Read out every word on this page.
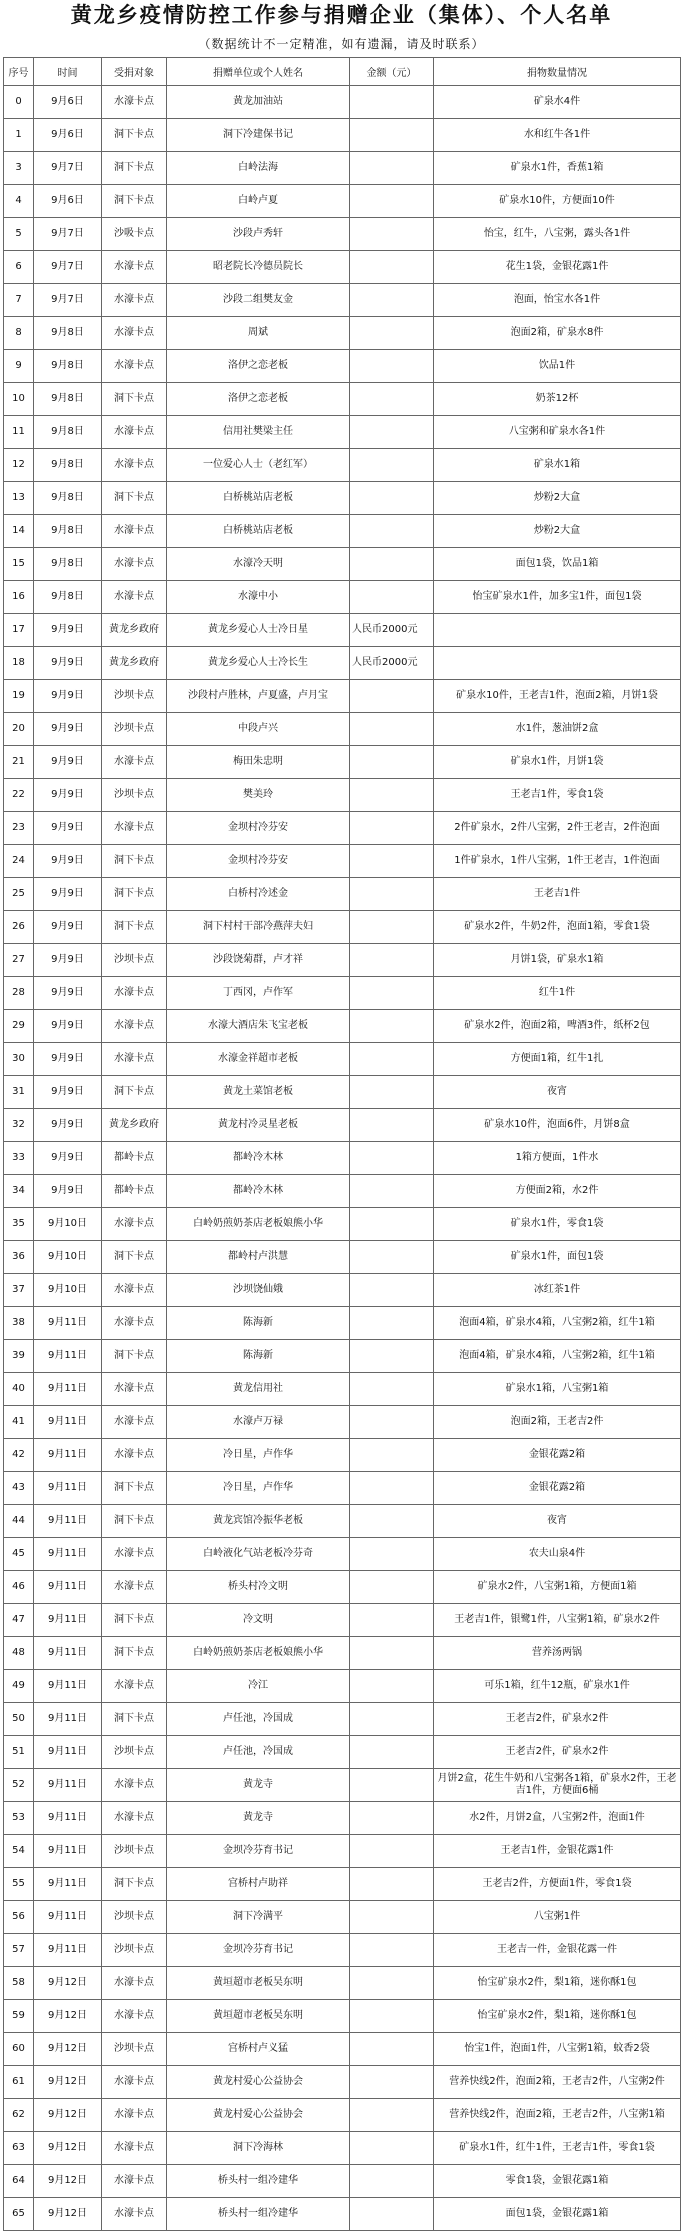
黄龙乡疫情防控工作参与捐赠企业（集体）、个人名单
（数据统计不一定精准，如有遗漏，请及时联系）
序号	时间	受捐对象	捐赠单位或个人姓名	金额（元）	捐物数量情况
0	9月6日	水濠卡点	黄龙加油站		矿泉水4件
1	9月6日	洞下卡点	洞下冷建保书记		水和红牛各1件
3	9月7日	洞下卡点	白岭法海		矿泉水1件，香蕉1箱
4	9月6日	洞下卡点	白岭卢夏		矿泉水10件，方便面10件
5	9月7日	沙吸卡点	沙段卢秀轩		怡宝，红牛，八宝粥，露头各1件
6	9月7日	水濠卡点	昭老院长冷德员院长		花生1袋，金银花露1件
7	9月7日	水濠卡点	沙段二组樊友金		泡面，怡宝水各1件
8	9月8日	水濠卡点	周斌		泡面2箱，矿泉水8件
9	9月8日	水濠卡点	洛伊之恋老板		饮品1件
10	9月8日	洞下卡点	洛伊之恋老板		奶茶12杯
11	9月8日	水濠卡点	信用社樊梁主任		八宝粥和矿泉水各1件
12	9月8日	水濠卡点	一位爱心人士（老红军）		矿泉水1箱
13	9月8日	洞下卡点	白桥桃站店老板		炒粉2大盒
14	9月8日	水濠卡点	白桥桃站店老板		炒粉2大盒
15	9月8日	水濠卡点	水濠冷天明		面包1袋，饮品1箱
16	9月8日	水濠卡点	水濠中小		怡宝矿泉水1件，加多宝1件，面包1袋
17	9月9日	黄龙乡政府	黄龙乡爱心人士冷日星	人民币2000元	
18	9月9日	黄龙乡政府	黄龙乡爱心人士冷长生	人民币2000元	
19	9月9日	沙坝卡点	沙段村卢胜林，卢夏盛，卢月宝		矿泉水10件，王老吉1件，泡面2箱，月饼1袋
20	9月9日	沙坝卡点	中段卢兴		水1件，葱油饼2盒
21	9月9日	水濠卡点	梅田朱忠明		矿泉水1件，月饼1袋
22	9月9日	沙坝卡点	樊美玲		王老吉1件，零食1袋
23	9月9日	水濠卡点	金坝村冷芬安		2件矿泉水，2件八宝粥，2件王老吉，2件泡面
24	9月9日	洞下卡点	金坝村冷芬安		1件矿泉水，1件八宝粥，1件王老吉，1件泡面
25	9月9日	洞下卡点	白桥村冷述金		王老吉1件
26	9月9日	洞下卡点	洞下村村干部冷燕萍夫妇		矿泉水2件，牛奶2件，泡面1箱，零食1袋
27	9月9日	沙坝卡点	沙段饶菊群，卢才祥		月饼1袋，矿泉水1箱
28	9月9日	水濠卡点	丁西冈，卢作军		红牛1件
29	9月9日	水濠卡点	水濠大酒店朱飞宝老板		矿泉水2件，泡面2箱，啤酒3件，纸杯2包
30	9月9日	水濠卡点	水濠金祥超市老板		方便面1箱，红牛1扎
31	9月9日	洞下卡点	黄龙土菜馆老板		夜宵
32	9月9日	黄龙乡政府	黄龙村冷灵星老板		矿泉水10件，泡面6件，月饼8盒
33	9月9日	都岭卡点	都岭冷木林		1箱方便面，1件水
34	9月9日	都岭卡点	都岭冷木林		方便面2箱，水2件
35	9月10日	水濠卡点	白岭奶煎奶茶店老板娘熊小华		矿泉水1件，零食1袋
36	9月10日	洞下卡点	都岭村卢洪慧		矿泉水1件，面包1袋
37	9月10日	水濠卡点	沙坝饶仙娥		冰红茶1件
38	9月11日	水濠卡点	陈海新		泡面4箱，矿泉水4箱，八宝粥2箱，红牛1箱
39	9月11日	洞下卡点	陈海新		泡面4箱，矿泉水4箱，八宝粥2箱，红牛1箱
40	9月11日	水濠卡点	黄龙信用社		矿泉水1箱，八宝粥1箱
41	9月11日	水濠卡点	水濠卢万禄		泡面2箱，王老吉2件
42	9月11日	水濠卡点	冷日星，卢作华		金银花露2箱
43	9月11日	洞下卡点	冷日星，卢作华		金银花露2箱
44	9月11日	洞下卡点	黄龙宾馆冷振华老板		夜宵
45	9月11日	水濠卡点	白岭液化气站老板冷芬奇		农夫山泉4件
46	9月11日	水濠卡点	桥头村冷文明		矿泉水2件，八宝粥1箱，方便面1箱
47	9月11日	洞下卡点	冷文明		王老吉1件，银鹭1件，八宝粥1箱，矿泉水2件
48	9月11日	洞下卡点	白岭奶煎奶茶店老板娘熊小华		营养汤两锅
49	9月11日	水濠卡点	冷江		可乐1箱，红牛12瓶，矿泉水1件
50	9月11日	洞下卡点	卢任池，冷国成		王老吉2件，矿泉水2件
51	9月11日	沙坝卡点	卢任池，冷国成		王老吉2件，矿泉水2件
52	9月11日	水濠卡点	黄龙寺		月饼2盒，花生牛奶和八宝粥各1箱，矿泉水2件，王老吉1件，方便面6桶
53	9月11日	水濠卡点	黄龙寺		水2件，月饼2盒，八宝粥2件，泡面1件
54	9月11日	沙坝卡点	金坝冷芬育书记		王老吉1件，金银花露1件
55	9月11日	洞下卡点	宫桥村卢助祥		王老吉2件，方便面1件，零食1袋
56	9月11日	沙坝卡点	洞下冷满平		八宝粥1件
57	9月11日	沙坝卡点	金坝冷芬育书记		王老吉一件，金银花露一件
58	9月12日	水濠卡点	黄垣超市老板吴东明		怡宝矿泉水2件，梨1箱，迷你酥1包
59	9月12日	水濠卡点	黄垣超市老板吴东明		怡宝矿泉水2件，梨1箱，迷你酥1包
60	9月12日	沙坝卡点	宫桥村卢义猛		怡宝1件，泡面1件，八宝粥1箱，蚊香2袋
61	9月12日	水濠卡点	黄龙村爱心公益协会		营养快线2件，泡面2箱，王老吉2件，八宝粥2件
62	9月12日	水濠卡点	黄龙村爱心公益协会		营养快线2件，泡面2箱，王老吉2件，八宝粥1箱
63	9月12日	水濠卡点	洞下冷海林		矿泉水1件，红牛1件，王老吉1件，零食1袋
64	9月12日	水濠卡点	桥头村一组冷建华		零食1袋，金银花露1箱
65	9月12日	水濠卡点	桥头村一组冷建华		面包1袋，金银花露1箱
